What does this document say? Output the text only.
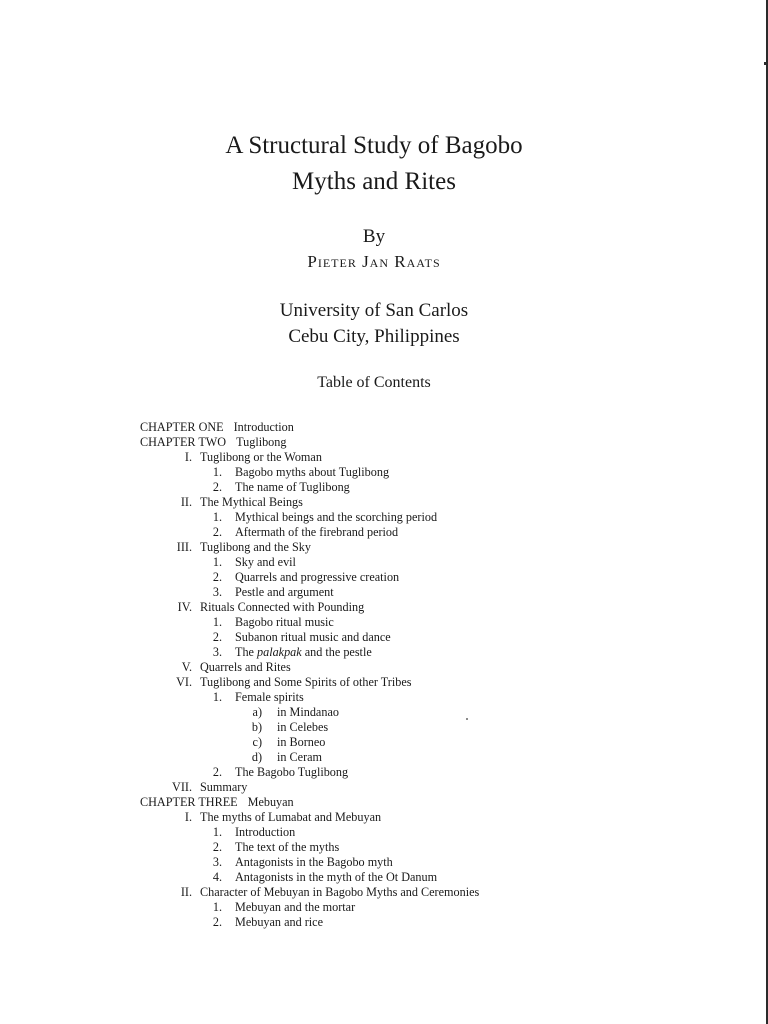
A Structural Study of Bagobo
Myths and Rites
By
Pieter Jan Raats
University of San Carlos
Cebu City, Philippines
Table of Contents
CHAPTER ONE Introduction
CHAPTER TWO Tuglibong
I. Tuglibong or the Woman
1. Bagobo myths about Tuglibong
2. The name of Tuglibong
II. The Mythical Beings
1. Mythical beings and the scorching period
2. Aftermath of the firebrand period
III. Tuglibong and the Sky
1. Sky and evil
2. Quarrels and progressive creation
3. Pestle and argument
IV. Rituals Connected with Pounding
1. Bagobo ritual music
2. Subanon ritual music and dance
3. The palakpak and the pestle
V. Quarrels and Rites
VI. Tuglibong and Some Spirits of other Tribes
1. Female spirits
a) in Mindanao
b) in Celebes
c) in Borneo
d) in Ceram
2. The Bagobo Tuglibong
VII. Summary
CHAPTER THREE Mebuyan
I. The myths of Lumabat and Mebuyan
1. Introduction
2. The text of the myths
3. Antagonists in the Bagobo myth
4. Antagonists in the myth of the Ot Danum
II. Character of Mebuyan in Bagobo Myths and Ceremonies
1. Mebuyan and the mortar
2. Mebuyan and rice
